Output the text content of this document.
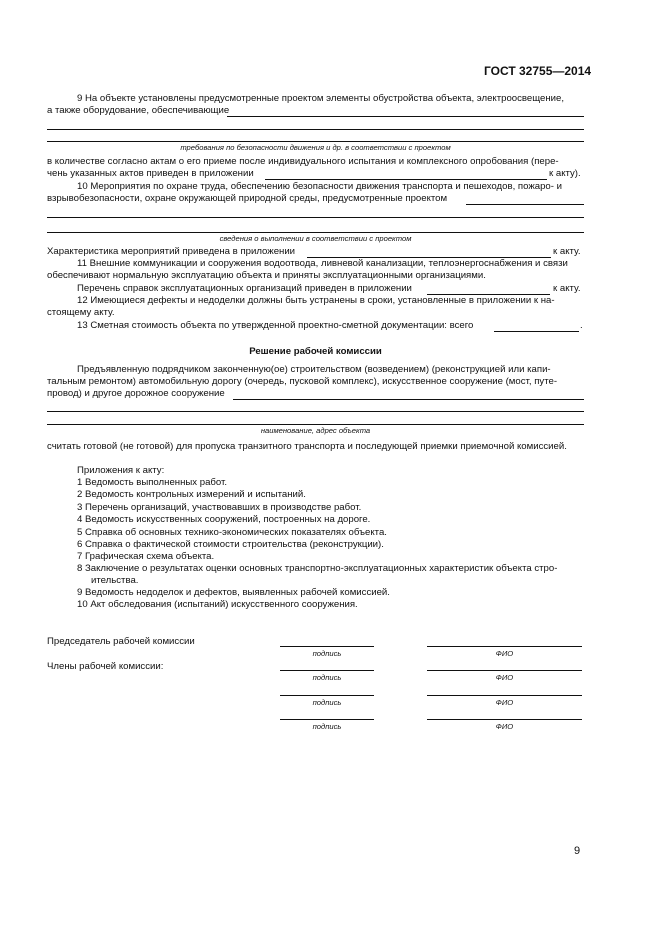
ГОСТ 32755—2014
9 На объекте установлены предусмотренные проектом элементы обустройства объекта, электроосвещение,
а также оборудование, обеспечивающие
требования по безопасности движения и др. в соответствии с проектом
в количестве согласно актам о его приеме после индивидуального испытания и комплексного опробования (пере-
чень указанных актов приведен в приложении	к акту).
10 Мероприятия по охране труда, обеспечению безопасности движения транспорта и пешеходов, пожаро- и
взрывобезопасности, охране окружающей природной среды, предусмотренные проектом
сведения о выполнении в соответствии с проектом
Характеристика мероприятий приведена в приложении	к акту.
11 Внешние коммуникации и сооружения водоотвода, ливневой канализации, теплоэнергоснабжения и связи
обеспечивают нормальную эксплуатацию объекта и приняты эксплуатационными организациями.
Перечень справок эксплуатационных организаций приведен в приложении	к акту.
12 Имеющиеся дефекты и недоделки должны быть устранены в сроки, установленные в приложении к на-
стоящему акту.
13 Сметная стоимость объекта по утвержденной проектно-сметной документации: всего	.
Решение рабочей комиссии
Предъявленную подрядчиком законченную(ое) строительством (возведением) (реконструкцией или капи-
тальным ремонтом) автомобильную дорогу (очередь, пусковой комплекс), искусственное сооружение (мост, путе-
провод) и другое дорожное сооружение
наименование, адрес объекта
считать готовой (не готовой) для пропуска транзитного транспорта и последующей приемки приемочной комиссией.
Приложения к акту:
1 Ведомость выполненных работ.
2 Ведомость контрольных измерений и испытаний.
3 Перечень организаций, участвовавших в производстве работ.
4 Ведомость искусственных сооружений, построенных на дороге.
5 Справка об основных технико-экономических показателях объекта.
6 Справка о фактической стоимости строительства (реконструкции).
7 Графическая схема объекта.
8 Заключение о результатах оценки основных транспортно-эксплуатационных характеристик объекта стро-
ительства.
9 Ведомость недоделок и дефектов, выявленных рабочей комиссией.
10 Акт обследования (испытаний) искусственного сооружения.
Председатель рабочей комиссии
Члены рабочей комиссии:
подпись	ФИО
подпись	ФИО
подпись	ФИО
подпись	ФИО
9
